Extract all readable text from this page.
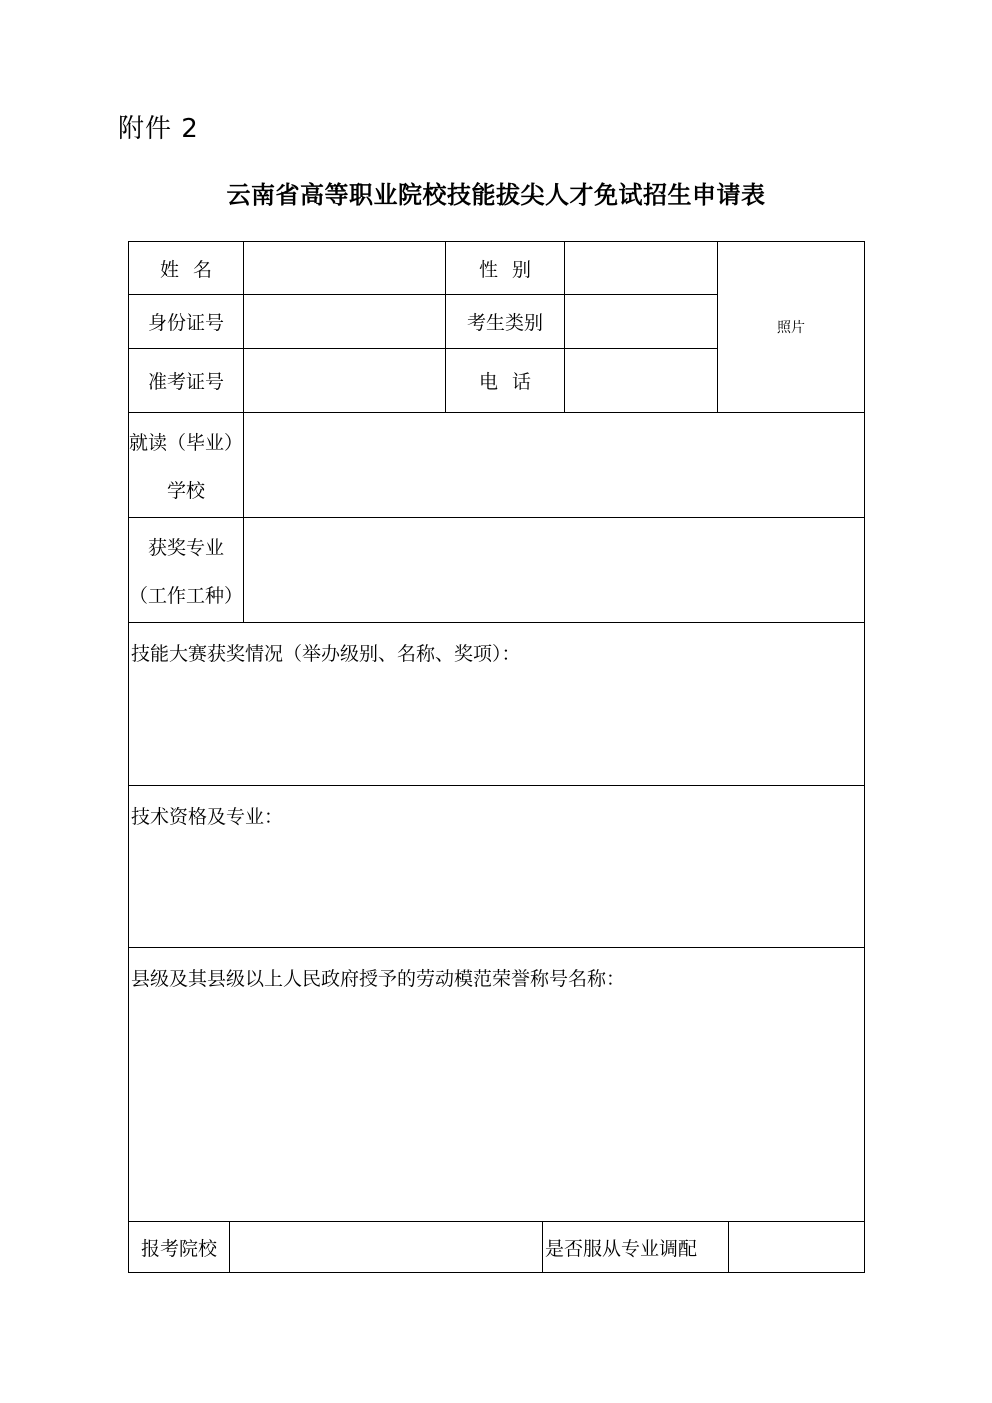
附件 2
云南省高等职业院校技能拔尖人才免试招生申请表
姓名	性别
照片
身份证号	考生类别
准考证号	电话
就读（毕业）
学校
获奖专业
（工作工种）
技能大赛获奖情况（举办级别、名称、奖项）：
技术资格及专业：
县级及其县级以上人民政府授予的劳动模范荣誉称号名称：
报考院校	是否服从专业调配
